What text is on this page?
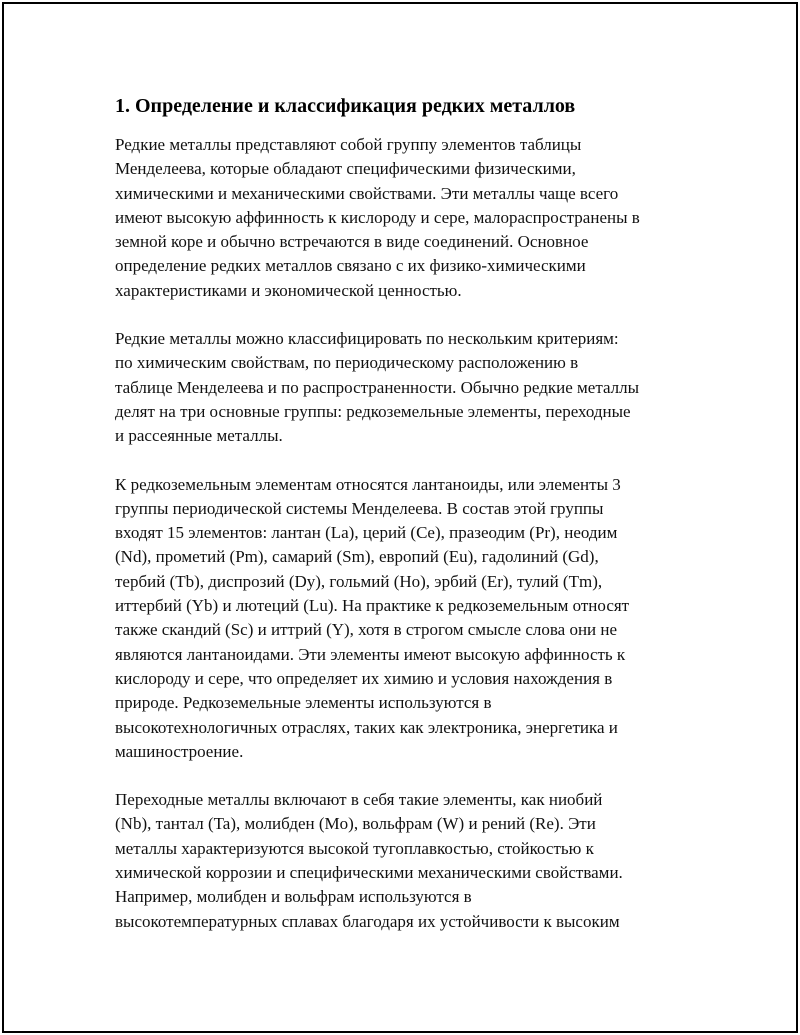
1. Определение и классификация редких металлов

Редкие металлы представляют собой группу элементов таблицы
Менделеева, которые обладают специфическими физическими,
химическими и механическими свойствами. Эти металлы чаще всего
имеют высокую аффинность к кислороду и сере, малораспространены в
земной коре и обычно встречаются в виде соединений. Основное
определение редких металлов связано с их физико-химическими
характеристиками и экономической ценностью.

Редкие металлы можно классифицировать по нескольким критериям:
по химическим свойствам, по периодическому расположению в
таблице Менделеева и по распространенности. Обычно редкие металлы
делят на три основные группы: редкоземельные элементы, переходные
и рассеянные металлы.

К редкоземельным элементам относятся лантаноиды, или элементы 3
группы периодической системы Менделеева. В состав этой группы
входят 15 элементов: лантан (La), церий (Ce), празеодим (Pr), неодим
(Nd), прометий (Pm), самарий (Sm), европий (Eu), гадолиний (Gd),
тербий (Tb), диспрозий (Dy), гольмий (Ho), эрбий (Er), тулий (Tm),
иттербий (Yb) и лютеций (Lu). На практике к редкоземельным относят
также скандий (Sc) и иттрий (Y), хотя в строгом смысле слова они не
являются лантаноидами. Эти элементы имеют высокую аффинность к
кислороду и сере, что определяет их химию и условия нахождения в
природе. Редкоземельные элементы используются в
высокотехнологичных отраслях, таких как электроника, энергетика и
машиностроение.

Переходные металлы включают в себя такие элементы, как ниобий
(Nb), тантал (Ta), молибден (Mo), вольфрам (W) и рений (Re). Эти
металлы характеризуются высокой тугоплавкостью, стойкостью к
химической коррозии и специфическими механическими свойствами.
Например, молибден и вольфрам используются в
высокотемпературных сплавах благодаря их устойчивости к высоким
